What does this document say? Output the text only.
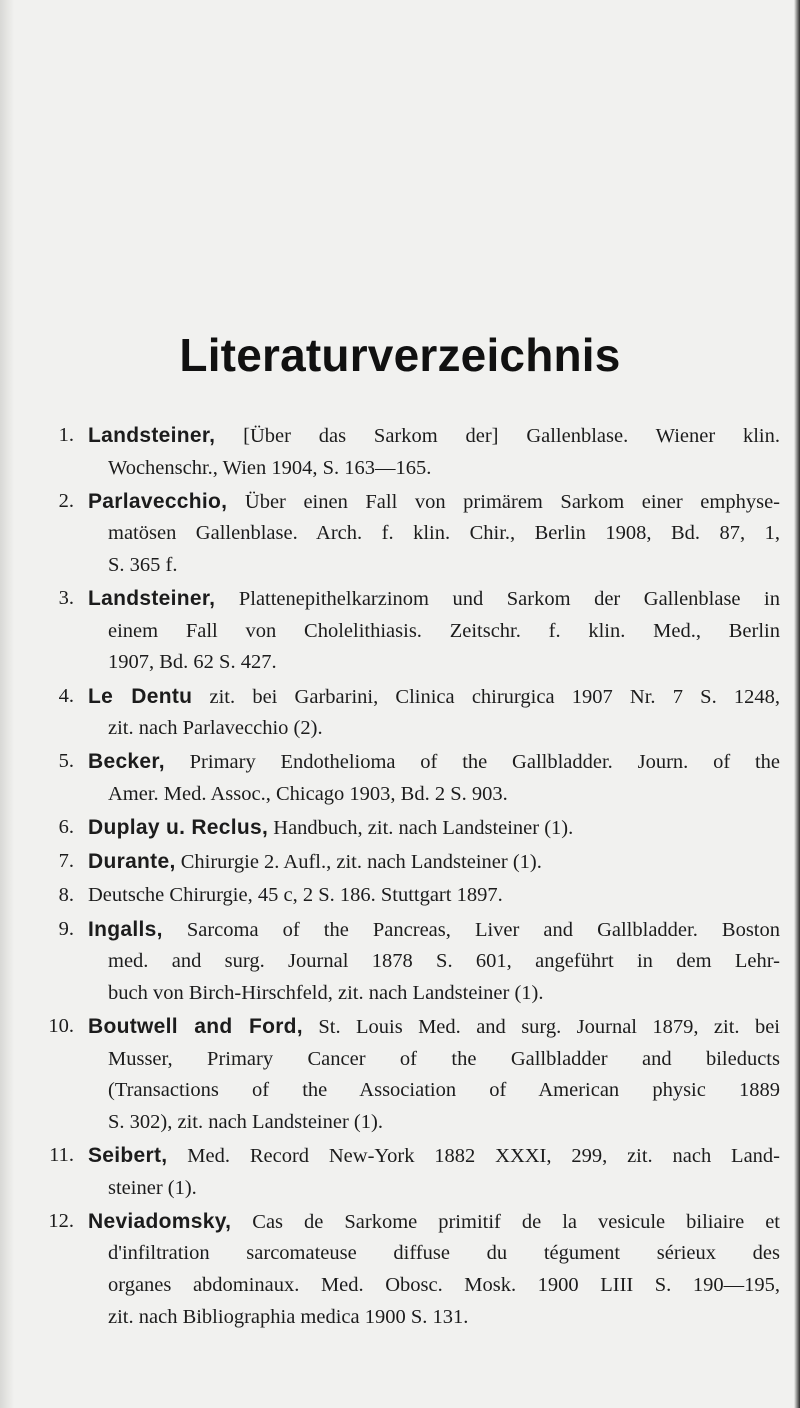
Literaturverzeichnis
1. Landsteiner, [Über das Sarkom der] Gallenblase. Wiener klin.
Wochenschr., Wien 1904, S. 163—165.
2. Parlavecchio, Über einen Fall von primärem Sarkom einer emphyse-
matösen Gallenblase. Arch. f. klin. Chir., Berlin 1908, Bd. 87, 1,
S. 365 f.
3. Landsteiner, Plattenepithelkarzinom und Sarkom der Gallenblase in
einem Fall von Cholelithiasis. Zeitschr. f. klin. Med., Berlin
1907, Bd. 62 S. 427.
4. Le Dentu zit. bei Garbarini, Clinica chirurgica 1907 Nr. 7 S. 1248,
zit. nach Parlavecchio (2).
5. Becker, Primary Endothelioma of the Gallbladder. Journ. of the
Amer. Med. Assoc., Chicago 1903, Bd. 2 S. 903.
6. Duplay u. Reclus, Handbuch, zit. nach Landsteiner (1).
7. Durante, Chirurgie 2. Aufl., zit. nach Landsteiner (1).
8. Deutsche Chirurgie, 45 c, 2 S. 186. Stuttgart 1897.
9. Ingalls, Sarcoma of the Pancreas, Liver and Gallbladder. Boston
med. and surg. Journal 1878 S. 601, angeführt in dem Lehr-
buch von Birch-Hirschfeld, zit. nach Landsteiner (1).
10. Boutwell and Ford, St. Louis Med. and surg. Journal 1879, zit. bei
Musser, Primary Cancer of the Gallbladder and bileducts
(Transactions of the Association of American physic 1889
S. 302), zit. nach Landsteiner (1).
11. Seibert, Med. Record New-York 1882 XXXI, 299, zit. nach Land-
steiner (1).
12. Neviadomsky, Cas de Sarkome primitif de la vesicule biliaire et
d'infiltration sarcomateuse diffuse du tégument sérieux des
organes abdominaux. Med. Obosc. Mosk. 1900 LIII S. 190—195,
zit. nach Bibliographia medica 1900 S. 131.
